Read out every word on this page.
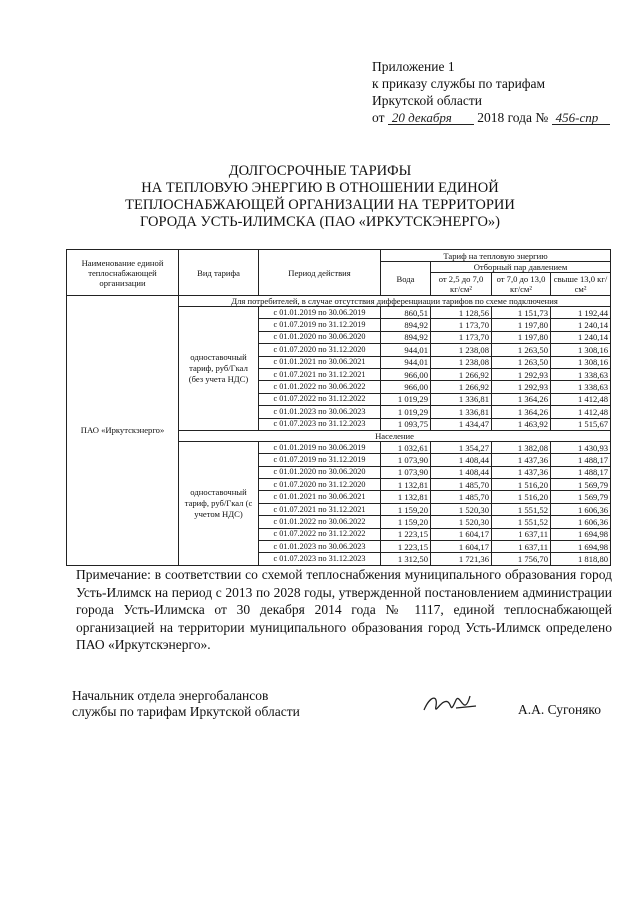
Приложение 1
к приказу службы по тарифам
Иркутской области
от 20 декабря 2018 года № 456-спр
ДОЛГОСРОЧНЫЕ ТАРИФЫ
НА ТЕПЛОВУЮ ЭНЕРГИЮ В ОТНОШЕНИИ ЕДИНОЙ
ТЕПЛОСНАБЖАЮЩЕЙ ОРГАНИЗАЦИИ НА ТЕРРИТОРИИ
ГОРОДА УСТЬ-ИЛИМСКА (ПАО «ИРКУТСКЭНЕРГО»)
Наименование единой теплоснабжающей организации	Вид тарифа	Период действия	Тариф на тепловую энергию			
			Вода	Отборный пар давлением		
				от 2,5 до 7,0 кг/см²	от 7,0 до 13,0 кг/см²	свыше 13,0 кг/см²
ПАО «Иркутскэнерго»	Для потребителей, в случае отсутствия дифференциации тарифов по схеме подключения					
	одноставочный тариф, руб/Гкал (без учета НДС)	с 01.01.2019 по 30.06.2019	860,51	1 128,56	1 151,73	1 192,44
		с 01.07.2019 по 31.12.2019	894,92	1 173,70	1 197,80	1 240,14
		с 01.01.2020 по 30.06.2020	894,92	1 173,70	1 197,80	1 240,14
		с 01.07.2020 по 31.12.2020	944,01	1 238,08	1 263,50	1 308,16
		с 01.01.2021 по 30.06.2021	944,01	1 238,08	1 263,50	1 308,16
		с 01.07.2021 по 31.12.2021	966,00	1 266,92	1 292,93	1 338,63
		с 01.01.2022 по 30.06.2022	966,00	1 266,92	1 292,93	1 338,63
		с 01.07.2022 по 31.12.2022	1 019,29	1 336,81	1 364,26	1 412,48
		с 01.01.2023 по 30.06.2023	1 019,29	1 336,81	1 364,26	1 412,48
		с 01.07.2023 по 31.12.2023	1 093,75	1 434,47	1 463,92	1 515,67
	Население					
	одноставочный тариф, руб/Гкал (с учетом НДС)	с 01.01.2019 по 30.06.2019	1 032,61	1 354,27	1 382,08	1 430,93
		с 01.07.2019 по 31.12.2019	1 073,90	1 408,44	1 437,36	1 488,17
		с 01.01.2020 по 30.06.2020	1 073,90	1 408,44	1 437,36	1 488,17
		с 01.07.2020 по 31.12.2020	1 132,81	1 485,70	1 516,20	1 569,79
		с 01.01.2021 по 30.06.2021	1 132,81	1 485,70	1 516,20	1 569,79
		с 01.07.2021 по 31.12.2021	1 159,20	1 520,30	1 551,52	1 606,36
		с 01.01.2022 по 30.06.2022	1 159,20	1 520,30	1 551,52	1 606,36
		с 01.07.2022 по 31.12.2022	1 223,15	1 604,17	1 637,11	1 694,98
		с 01.01.2023 по 30.06.2023	1 223,15	1 604,17	1 637,11	1 694,98
		с 01.07.2023 по 31.12.2023	1 312,50	1 721,36	1 756,70	1 818,80
Примечание: в соответствии со схемой теплоснабжения муниципального образования город Усть-Илимск на период с 2013 по 2028 годы, утвержденной постановлением администрации города Усть-Илимска от 30 декабря 2014 года № 1117, единой теплоснабжающей организацией на территории муниципального образования город Усть-Илимск определено ПАО «Иркутскэнерго».
Начальник отдела энергобалансов
службы по тарифам Иркутской области	А.А. Сугоняко
